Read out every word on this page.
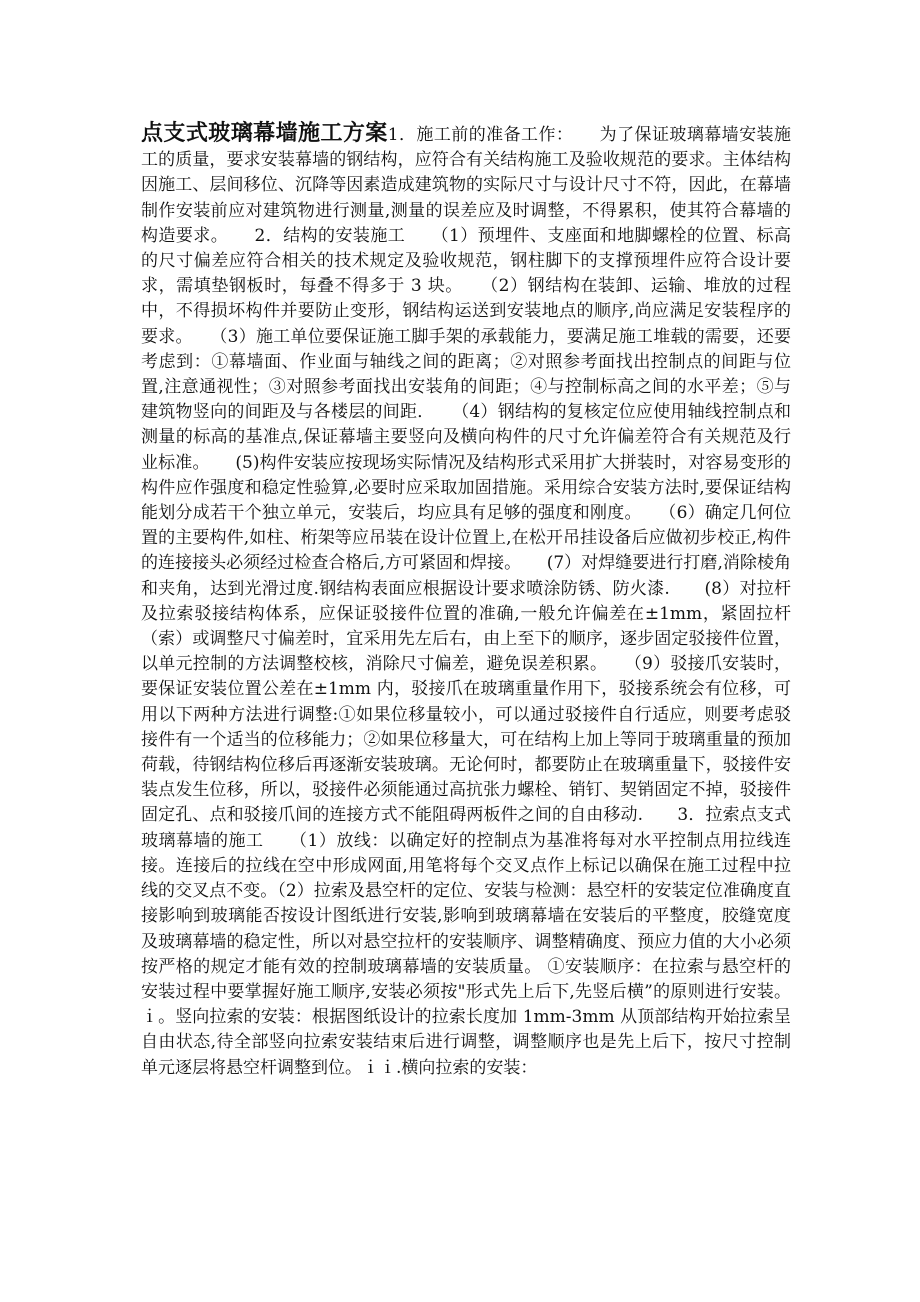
点支式玻璃幕墙施工方案1．施工前的准备工作：　　为了保证玻璃幕墙安装施工的质量，要求安装幕墙的钢结构，应符合有关结构施工及验收规范的要求。主体结构因施工、层间移位、沉降等因素造成建筑物的实际尺寸与设计尺寸不符，因此，在幕墙制作安装前应对建筑物进行测量,测量的误差应及时调整，不得累积，使其符合幕墙的构造要求。　　2．结构的安装施工　　（1）预埋件、支座面和地脚螺栓的位置、标高的尺寸偏差应符合相关的技术规定及验收规范，钢柱脚下的支撑预埋件应符合设计要求，需填垫钢板时，每叠不得多于 3 块。　　（2）钢结构在装卸、运输、堆放的过程中，不得损坏构件并要防止变形，钢结构运送到安装地点的顺序,尚应满足安装程序的要求。　　（3）施工单位要保证施工脚手架的承载能力，要满足施工堆载的需要，还要考虑到：①幕墙面、作业面与轴线之间的距离；②对照参考面找出控制点的间距与位置,注意通视性；③对照参考面找出安装角的间距；④与控制标高之间的水平差；⑤与建筑物竖向的间距及与各楼层的间距．　　（4）钢结构的复核定位应使用轴线控制点和测量的标高的基准点,保证幕墙主要竖向及横向构件的尺寸允许偏差符合有关规范及行业标准。　　(5)构件安装应按现场实际情况及结构形式采用扩大拼装时，对容易变形的构件应作强度和稳定性验算,必要时应采取加固措施。采用综合安装方法时,要保证结构能划分成若干个独立单元，安装后，均应具有足够的强度和刚度。　　（6）确定几何位置的主要构件,如柱、桁架等应吊装在设计位置上,在松开吊挂设备后应做初步校正,构件的连接接头必须经过检查合格后,方可紧固和焊接。　　(7）对焊缝要进行打磨,消除棱角和夹角，达到光滑过度.钢结构表面应根据设计要求喷涂防锈、防火漆.　　(8）对拉杆及拉索驳接结构体系，应保证驳接件位置的准确,一般允许偏差在±1mm，紧固拉杆（索）或调整尺寸偏差时，宜采用先左后右，由上至下的顺序，逐步固定驳接件位置，以单元控制的方法调整校核，消除尺寸偏差，避免误差积累。　　（9）驳接爪安装时，要保证安装位置公差在±1mm 内，驳接爪在玻璃重量作用下，驳接系统会有位移，可用以下两种方法进行调整:①如果位移量较小，可以通过驳接件自行适应，则要考虑驳接件有一个适当的位移能力；②如果位移量大，可在结构上加上等同于玻璃重量的预加荷载，待钢结构位移后再逐渐安装玻璃。无论何时，都要防止在玻璃重量下，驳接件安装点发生位移，所以，驳接件必须能通过高抗张力螺栓、销钉、契销固定不掉，驳接件固定孔、点和驳接爪间的连接方式不能阻碍两板件之间的自由移动.　　3．拉索点支式玻璃幕墙的施工　　（1）放线：以确定好的控制点为基准将每对水平控制点用拉线连接。连接后的拉线在空中形成网面,用笔将每个交叉点作上标记以确保在施工过程中拉线的交叉点不变。（2）拉索及悬空杆的定位、安装与检测：悬空杆的安装定位准确度直接影响到玻璃能否按设计图纸进行安装,影响到玻璃幕墙在安装后的平整度，胶缝宽度及玻璃幕墙的稳定性，所以对悬空拉杆的安装顺序、调整精确度、预应力值的大小必须按严格的规定才能有效的控制玻璃幕墙的安装质量。 ①安装顺序：在拉索与悬空杆的安装过程中要掌握好施工顺序,安装必须按"形式先上后下,先竖后横”的原则进行安装。ｉ。竖向拉索的安装：根据图纸设计的拉索长度加 1mm-3mm 从顶部结构开始拉索呈自由状态,待全部竖向拉索安装结束后进行调整，调整顺序也是先上后下，按尺寸控制单元逐层将悬空杆调整到位。ｉｉ.横向拉索的安装：
